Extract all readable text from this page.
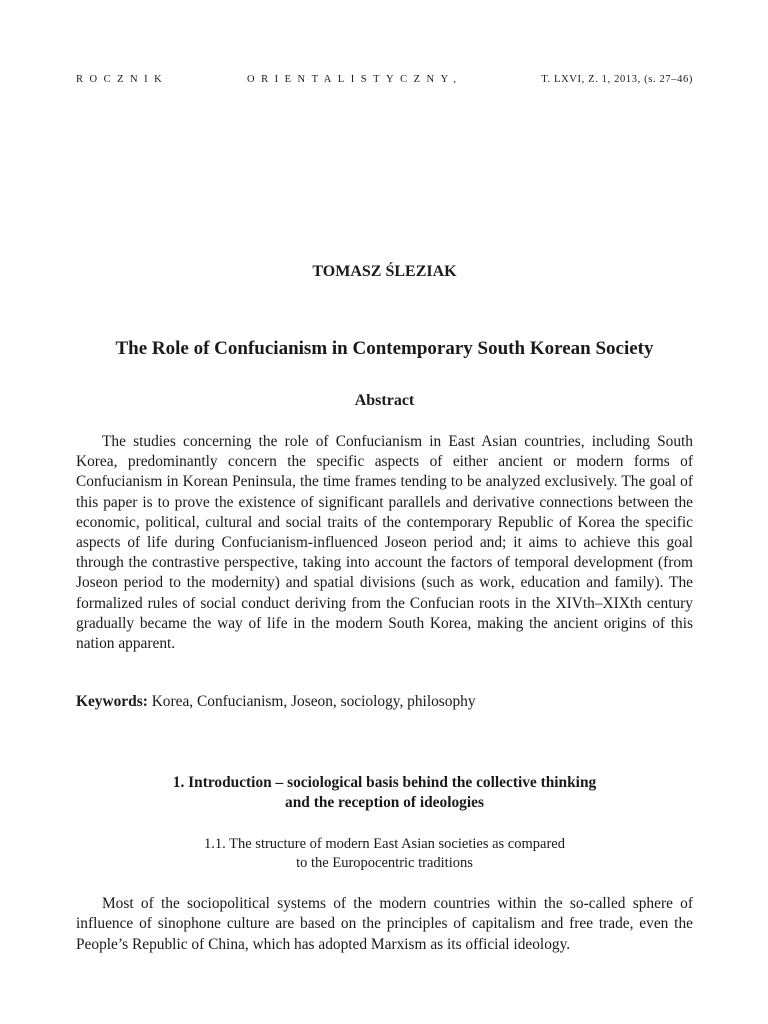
ROCZNIK	ORIENTALISTYCZNY,	T. LXVI, Z. 1, 2013, (s. 27–46)
TOMASZ ŚLEZIAK
The Role of Confucianism in Contemporary South Korean Society
Abstract

The studies concerning the role of Confucianism in East Asian countries, including South Korea, predominantly concern the specific aspects of either ancient or modern forms of Confucianism in Korean Peninsula, the time frames tending to be analyzed exclusively. The goal of this paper is to prove the existence of significant parallels and derivative connections between the economic, political, cultural and social traits of the contemporary Republic of Korea the specific aspects of life during Confucianism-influenced Joseon period and; it aims to achieve this goal through the contrastive perspective, taking into account the factors of temporal development (from Joseon period to the modernity) and spatial divisions (such as work, education and family). The formalized rules of social conduct deriving from the Confucian roots in the XIVth–XIXth century gradually became the way of life in the modern South Korea, making the ancient origins of this nation apparent.

Keywords: Korea, Confucianism, Joseon, sociology, philosophy

1. Introduction – sociological basis behind the collective thinking
and the reception of ideologies
1.1. The structure of modern East Asian societies as compared
to the Europocentric traditions

Most of the sociopolitical systems of the modern countries within the so-called sphere of influence of sinophone culture are based on the principles of capitalism and free trade, even the People’s Republic of China, which has adopted Marxism as its official ideology.
